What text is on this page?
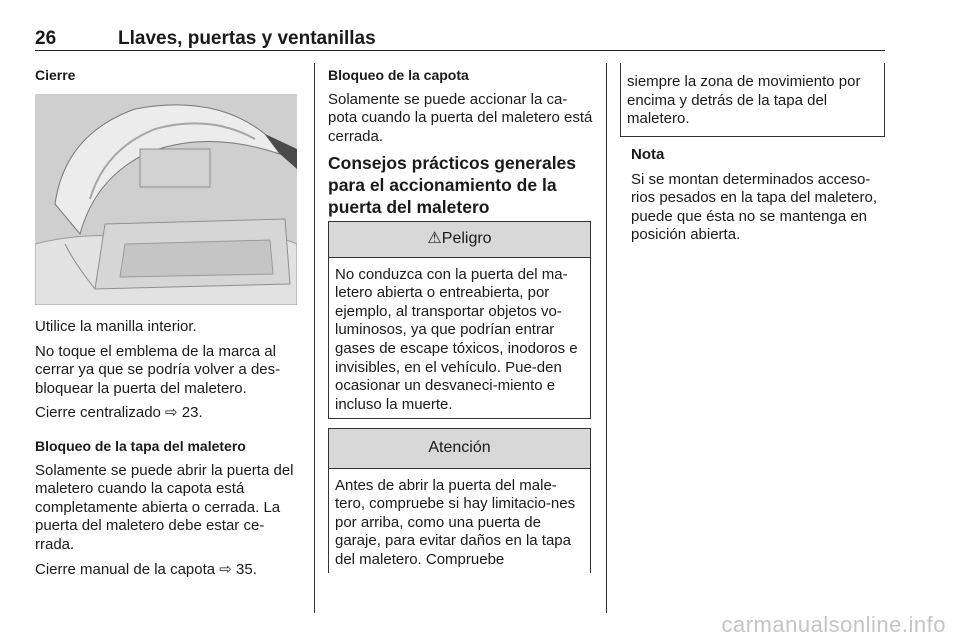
26	Llaves, puertas y ventanillas

Cierre

Utilice la manilla interior.

No toque el emblema de la marca al cerrar ya que se podría volver a des-bloquear la puerta del maletero.

Cierre centralizado ⇨ 23.

Bloqueo de la tapa del maletero

Solamente se puede abrir la puerta del maletero cuando la capota está completamente abierta o cerrada. La puerta del maletero debe estar ce-rrada.

Cierre manual de la capota ⇨ 35.

Bloqueo de la capota

Solamente se puede accionar la ca-pota cuando la puerta del maletero está cerrada.

Consejos prácticos generales para el accionamiento de la puerta del maletero

⚠Peligro
No conduzca con la puerta del ma-letero abierta o entreabierta, por ejemplo, al transportar objetos vo-luminosos, ya que podrían entrar gases de escape tóxicos, inodoros e invisibles, en el vehículo. Pue-den ocasionar un desvaneci-miento e incluso la muerte.
Atención
Antes de abrir la puerta del male-tero, compruebe si hay limitacio-nes por arriba, como una puerta de garaje, para evitar daños en la tapa del maletero. Compruebe
siempre la zona de movimiento por encima y detrás de la tapa del maletero.

Nota

Si se montan determinados acceso-rios pesados en la tapa del maletero, puede que ésta no se mantenga en posición abierta.

carmanualsonline.info
